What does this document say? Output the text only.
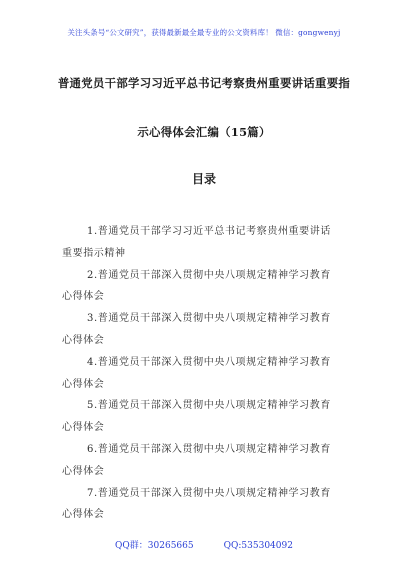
关注头条号“公文研究”，获得最新最全最专业的公文资料库！ 微信：gongwenyj
普通党员干部学习习近平总书记考察贵州重要讲话重要指
示心得体会汇编（15篇）
目录
1.普通党员干部学习习近平总书记考察贵州重要讲话
重要指示精神
2.普通党员干部深入贯彻中央八项规定精神学习教育
心得体会
3.普通党员干部深入贯彻中央八项规定精神学习教育
心得体会
4.普通党员干部深入贯彻中央八项规定精神学习教育
心得体会
5.普通党员干部深入贯彻中央八项规定精神学习教育
心得体会
6.普通党员干部深入贯彻中央八项规定精神学习教育
心得体会
7.普通党员干部深入贯彻中央八项规定精神学习教育
心得体会
QQ群：30265665	QQ:535304092
